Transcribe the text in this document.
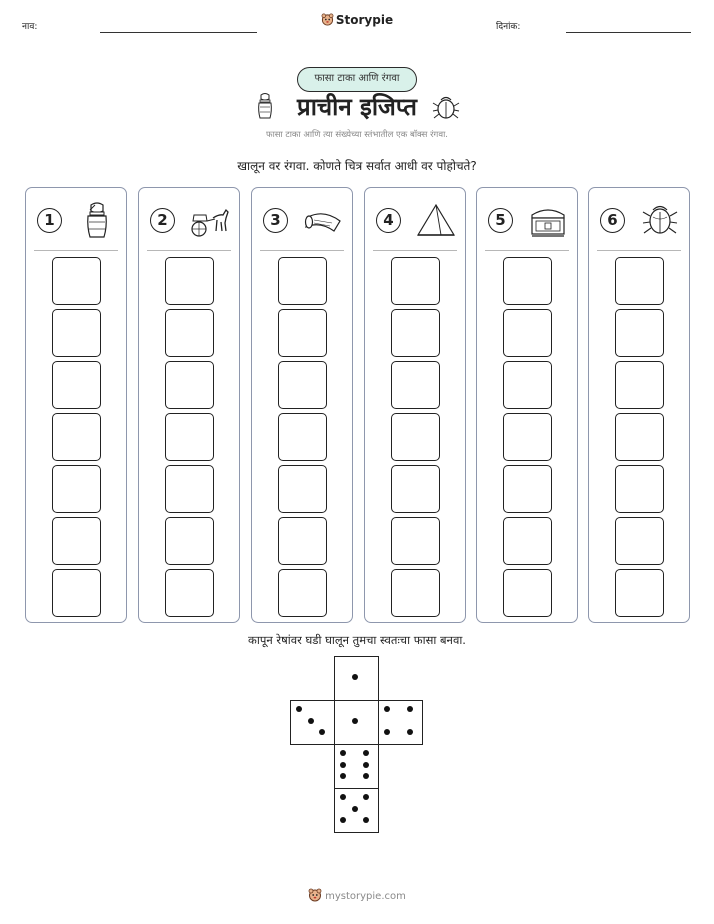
नाव:	Storypie	दिनांक:
फासा टाका आणि रंगवा
प्राचीन इजिप्त
फासा टाका आणि त्या संख्येच्या स्तंभातील एक बॉक्स रंगवा.
खालून वर रंगवा. कोणते चित्र सर्वात आधी वर पोहोचते?
1	2	3	4	5	6
कापून रेषांवर घडी घालून तुमचा स्वतःचा फासा बनवा.
mystorypie.com
